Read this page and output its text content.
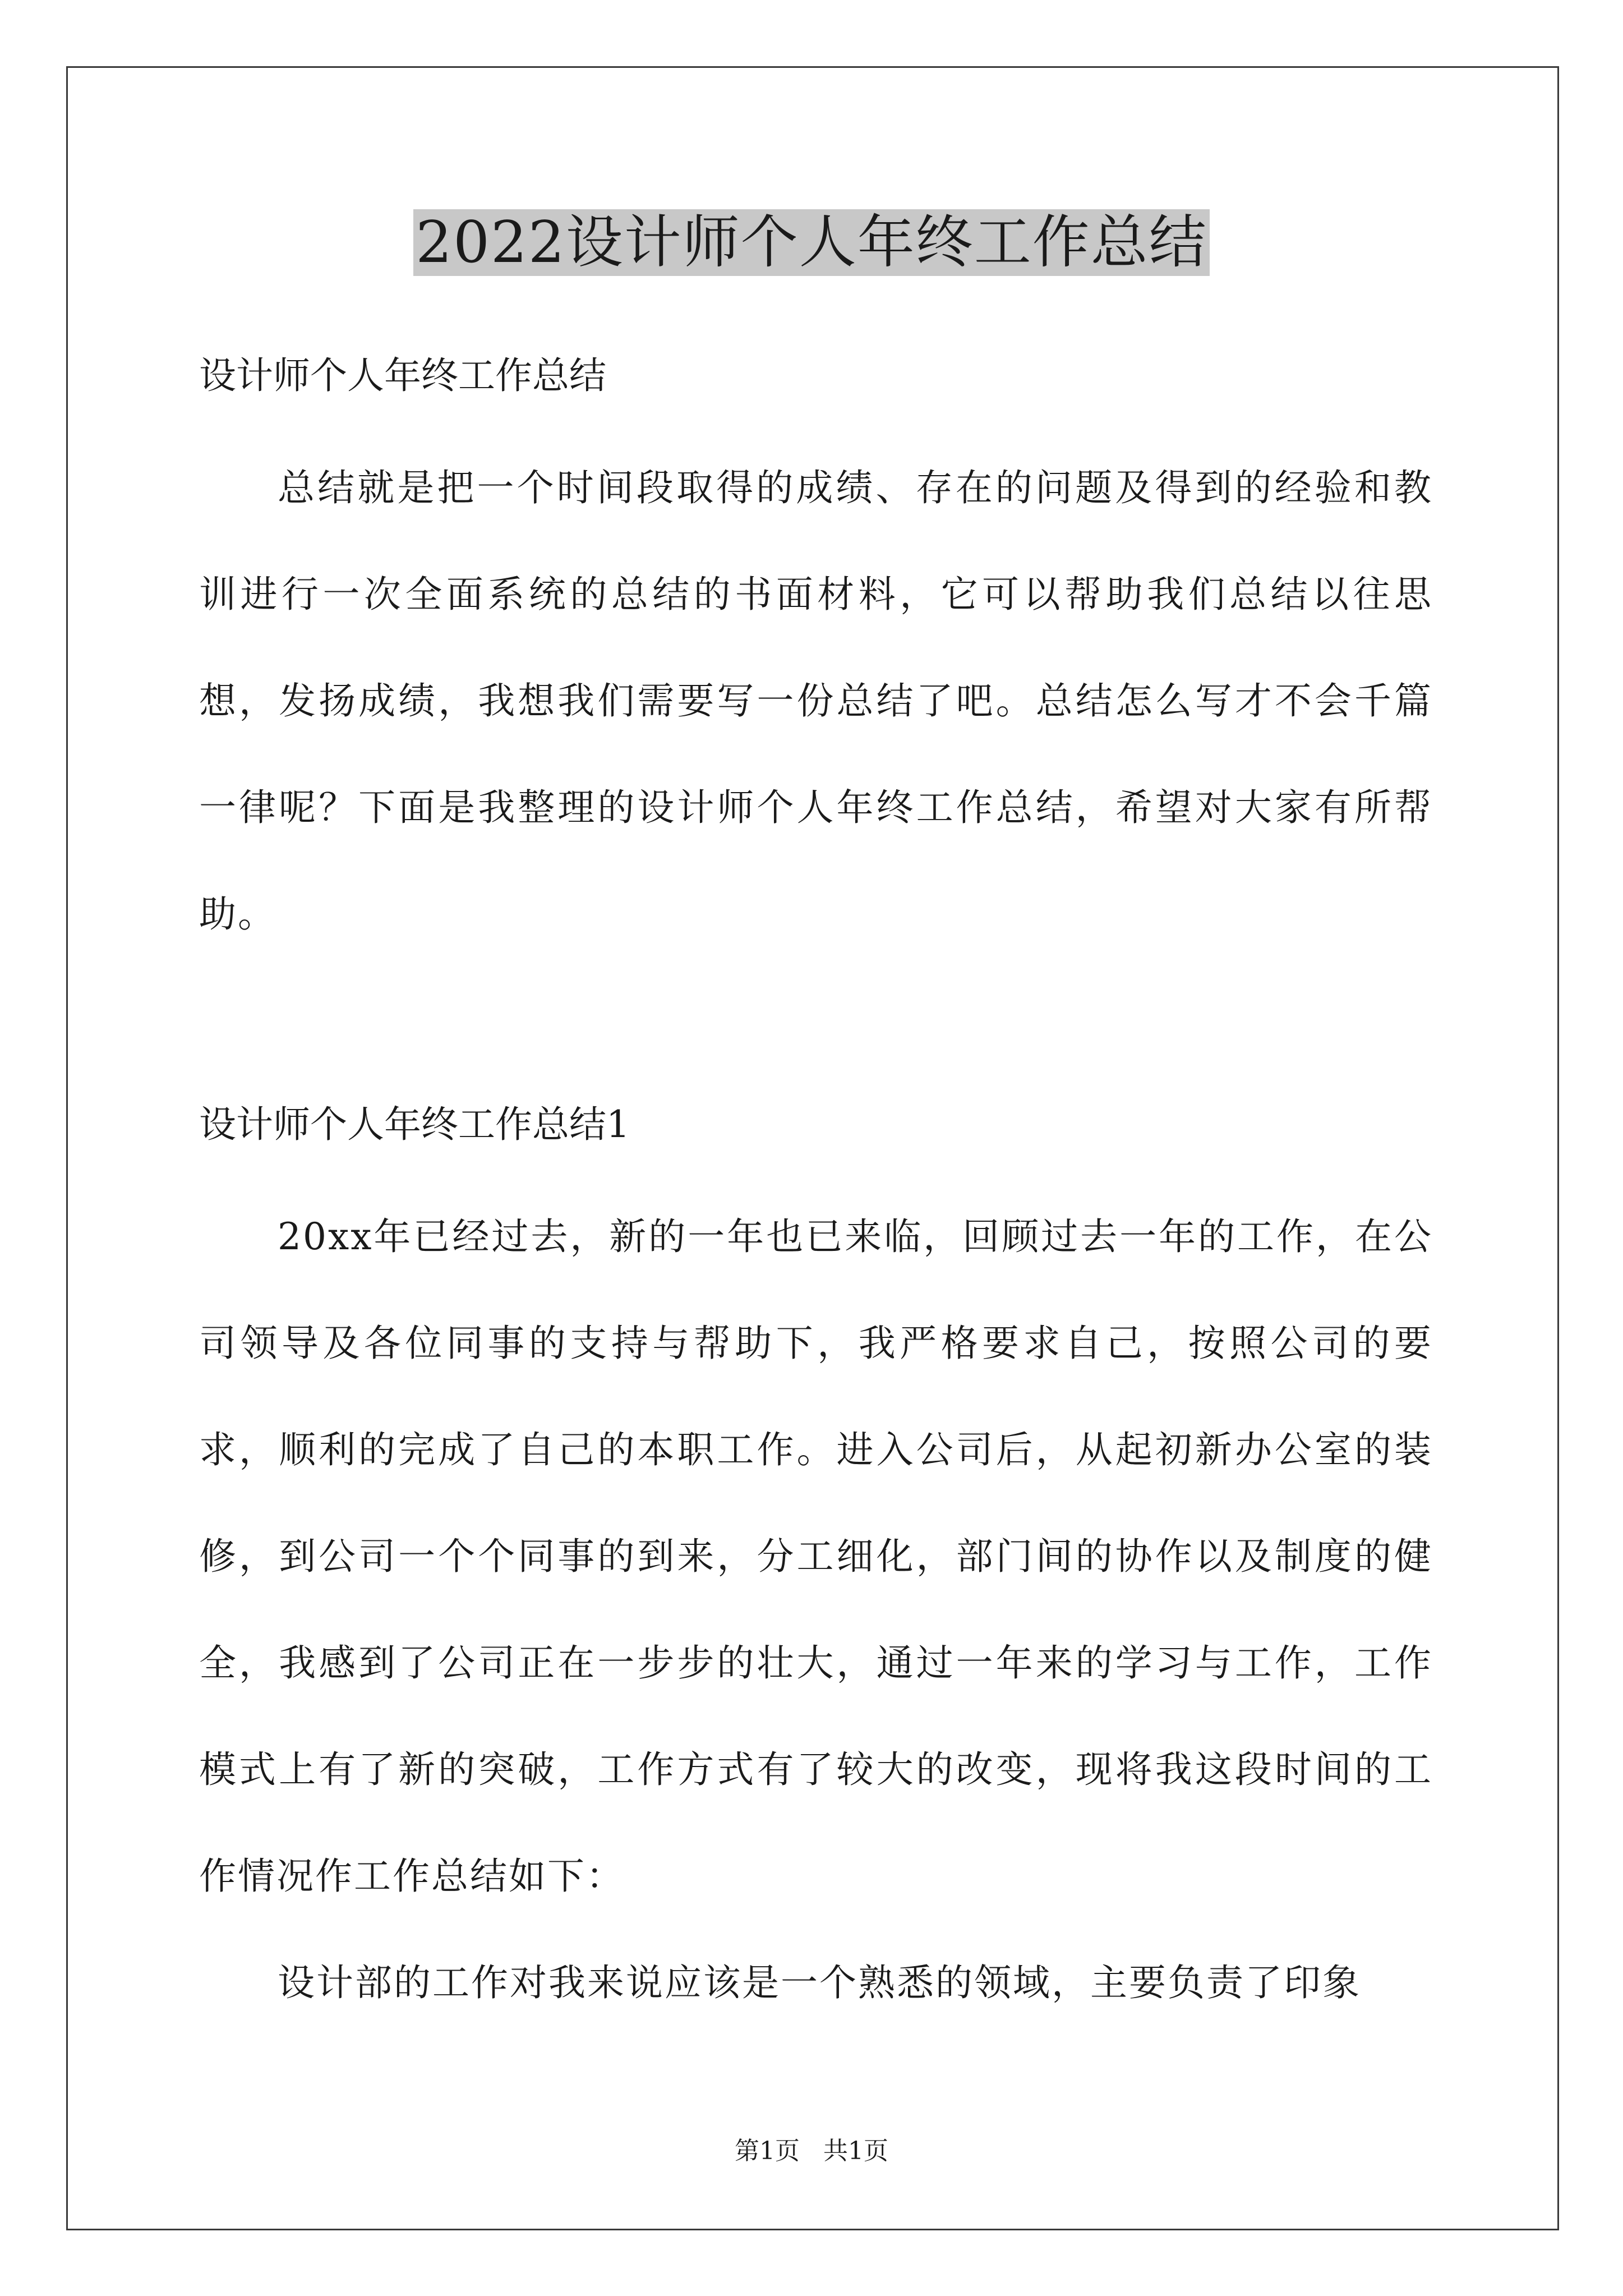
2022设计师个人年终工作总结
设计师个人年终工作总结

总结就是把一个时间段取得的成绩、存在的问题及得到的经验和教训进行一次全面系统的总结的书面材料，它可以帮助我们总结以往思想，发扬成绩，我想我们需要写一份总结了吧。总结怎么写才不会千篇一律呢？下面是我整理的设计师个人年终工作总结，希望对大家有所帮助。

设计师个人年终工作总结1

20xx年已经过去，新的一年也已来临，回顾过去一年的工作，在公司领导及各位同事的支持与帮助下，我严格要求自己，按照公司的要求，顺利的完成了自己的本职工作。进入公司后，从起初新办公室的装修，到公司一个个同事的到来，分工细化，部门间的协作以及制度的健全，我感到了公司正在一步步的壮大，通过一年来的学习与工作，工作模式上有了新的突破，工作方式有了较大的改变，现将我这段时间的工作情况作工作总结如下：

设计部的工作对我来说应该是一个熟悉的领域，主要负责了印象

第1页   共1页
